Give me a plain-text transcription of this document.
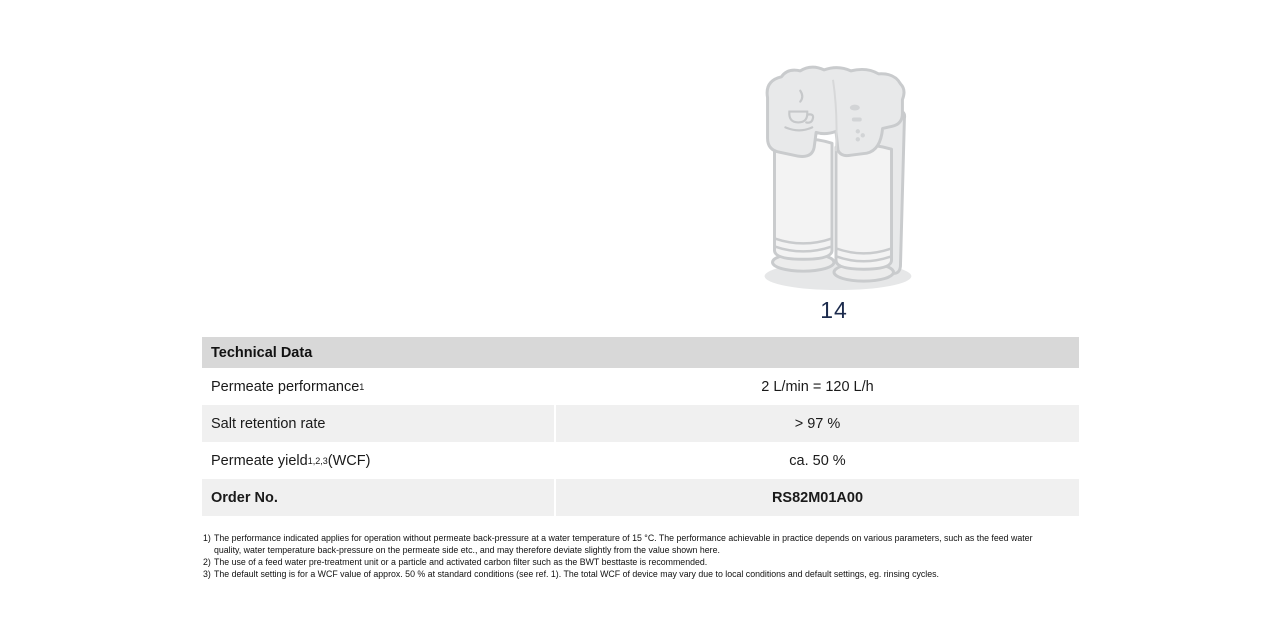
14
Technical Data
Permeate performance 1	2 L/min = 120 L/h
Salt retention rate	> 97 %
Permeate yield 1,2,3 (WCF)	ca. 50 %
Order No.	RS82M01A00
1) The performance indicated applies for operation without permeate back-pressure at a water temperature of 15 °C. The performance achievable in practice depends on various parameters, such as the feed water quality, water temperature back-pressure on the permeate side etc., and may therefore deviate slightly from the value shown here.
2) The use of a feed water pre-treatment unit or a particle and activated carbon filter such as the BWT besttaste is recommended.
3) The default setting is for a WCF value of approx. 50 % at standard conditions (see ref. 1). The total WCF of device may vary due to local conditions and default settings, eg. rinsing cycles.
